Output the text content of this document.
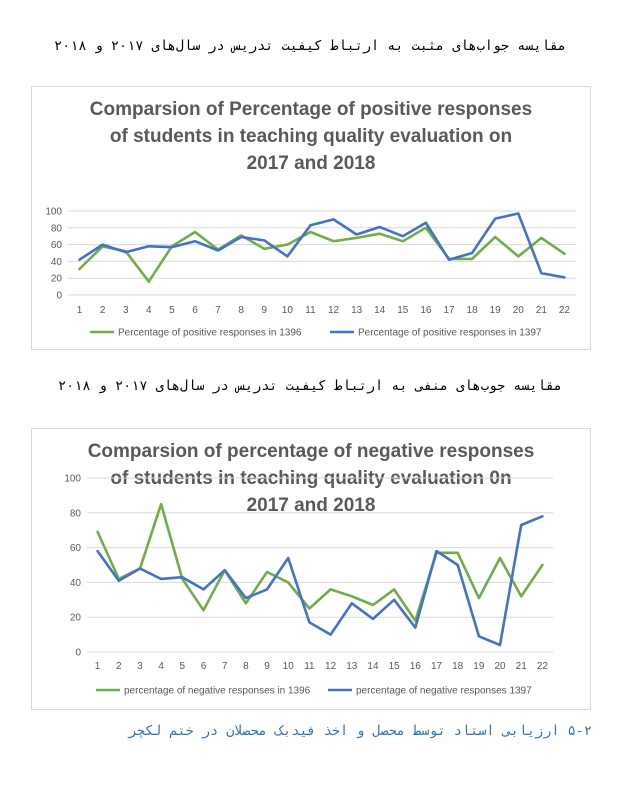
مقایسه جواب‌های مثبت به ارتباط کیفیت تدریس در سال‌های ۲۰۱۷ و ۲۰۱۸
Comparsion of Percentage of positive responses
of students in teaching quality evaluation on
2017 and 2018
0
20
40
60
80
100
1 2 3 4 5 6 7 8 9 10 11 12 13 14 15 16 17 18 19 20 21 22
Percentage of positive responses in 1396	Percentage of positive responses in 1397
مقایسه جوب‌های منفی به ارتباط کیفیت تدریس در سال‌های ۲۰۱۷ و ۲۰۱۸
Comparsion of percentage of negative responses
of students in teaching quality evaluation 0n
2017 and 2018
0
20
40
60
80
100
1 2 3 4 5 6 7 8 9 10 11 12 13 14 15 16 17 18 19 20 21 22
percentage of negative responses in 1396	percentage of negative responses 1397
۵-۲ ارزیابی استاد توسط محصل و اخذ فیدبک محصلان در ختم لکچر
